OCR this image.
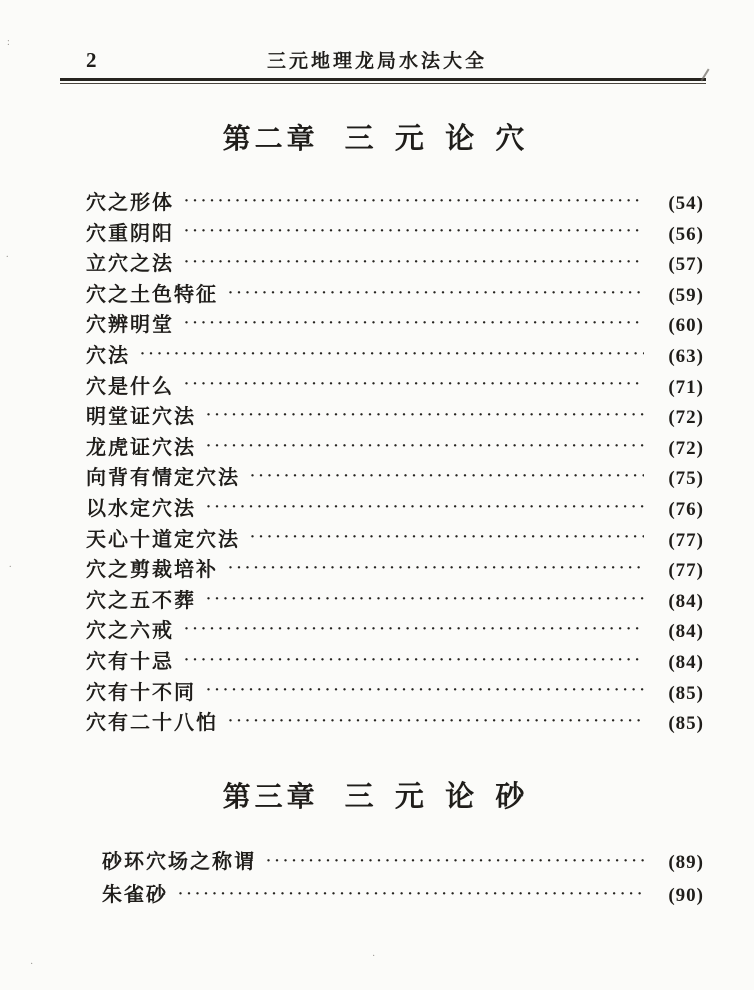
2	三元地理龙局水法大全
第二章 三 元 论 穴
穴之形体 ·····	(54)
穴重阴阳 ·····	(56)
立穴之法 ·····	(57)
穴之土色特征 ·····	(59)
穴辨明堂 ·····	(60)
穴法 ·····	(63)
穴是什么 ·····	(71)
明堂证穴法 ·····	(72)
龙虎证穴法 ·····	(72)
向背有情定穴法 ·····	(75)
以水定穴法 ·····	(76)
天心十道定穴法 ·····	(77)
穴之剪裁培补 ·····	(77)
穴之五不葬 ·····	(84)
穴之六戒 ·····	(84)
穴有十忌 ·····	(84)
穴有十不同 ·····	(85)
穴有二十八怕 ·····	(85)
第三章 三 元 论 砂
砂环穴场之称谓 ·····	(89)
朱雀砂 ·····	(90)
:
.
.
·
·
